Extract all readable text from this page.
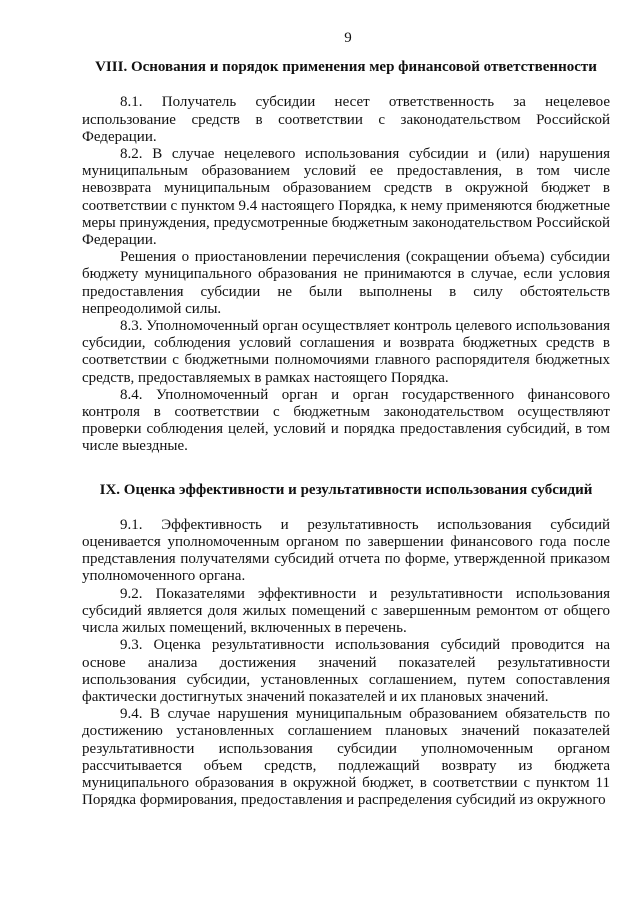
9
VIII. Основания и порядок применения мер финансовой ответственности

8.1. Получатель субсидии несет ответственность за нецелевое использование средств в соответствии с законодательством Российской Федерации.

8.2. В случае нецелевого использования субсидии и (или) нарушения муниципальным образованием условий ее предоставления, в том числе невозврата муниципальным образованием средств в окружной бюджет в соответствии с пунктом 9.4 настоящего Порядка, к нему применяются бюджетные меры принуждения, предусмотренные бюджетным законодательством Российской Федерации.

Решения о приостановлении перечисления (сокращении объема) субсидии бюджету муниципального образования не принимаются в случае, если условия предоставления субсидии не были выполнены в силу обстоятельств непреодолимой силы.

8.3. Уполномоченный орган осуществляет контроль целевого использования субсидии, соблюдения условий соглашения и возврата бюджетных средств в соответствии с бюджетными полномочиями главного распорядителя бюджетных средств, предоставляемых в рамках настоящего Порядка.

8.4. Уполномоченный орган и орган государственного финансового контроля в соответствии с бюджетным законодательством осуществляют проверки соблюдения целей, условий и порядка предоставления субсидий, в том числе выездные.

IX. Оценка эффективности и результативности использования субсидий

9.1. Эффективность и результативность использования субсидий оценивается уполномоченным органом по завершении финансового года после представления получателями субсидий отчета по форме, утвержденной приказом уполномоченного органа.

9.2. Показателями эффективности и результативности использования субсидий является доля жилых помещений с завершенным ремонтом от общего числа жилых помещений, включенных в перечень.

9.3. Оценка результативности использования субсидий проводится на основе анализа достижения значений показателей результативности использования субсидии, установленных соглашением, путем сопоставления фактически достигнутых значений показателей и их плановых значений.

9.4. В случае нарушения муниципальным образованием обязательств по достижению установленных соглашением плановых значений показателей результативности использования субсидии уполномоченным органом рассчитывается объем средств, подлежащий возврату из бюджета муниципального образования в окружной бюджет, в соответствии с пунктом 11 Порядка формирования, предоставления и распределения субсидий из окружного
